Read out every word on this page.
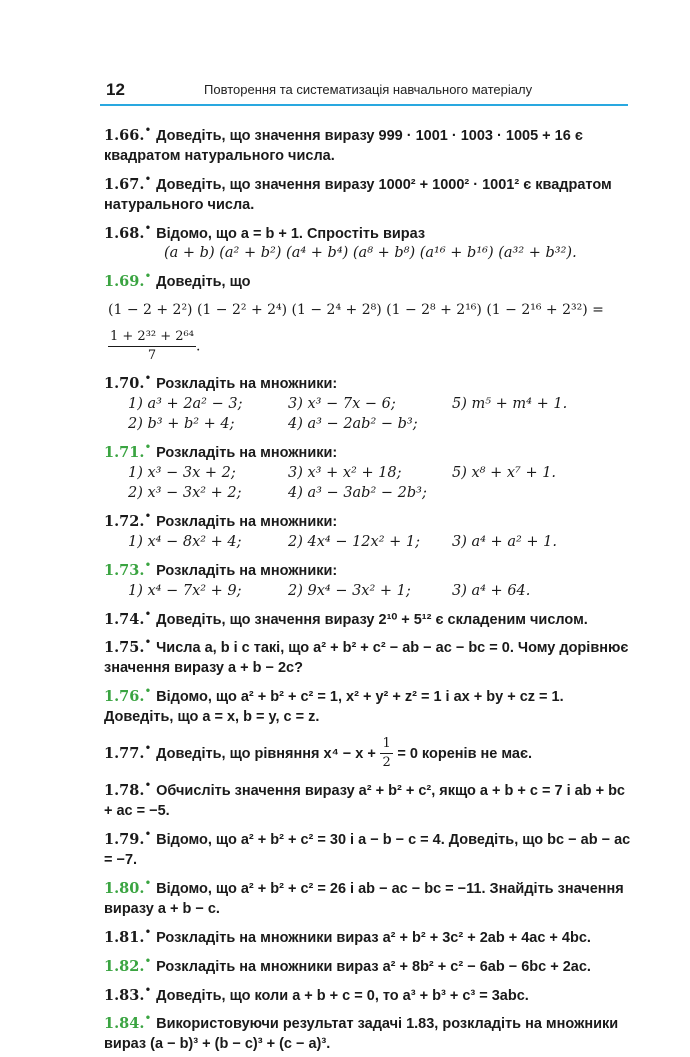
12	Повторення та систематизація навчального матеріалу
1.66.• Доведіть, що значення виразу 999 · 1001 · 1003 · 1005 + 16 є квадратом натурального числа.
1.67.• Доведіть, що значення виразу 1000² + 1000² · 1001² є квадратом натурального числа.
1.68.• Відомо, що a = b + 1. Спростіть вираз
(a + b) (a² + b²) (a⁴ + b⁴) (a⁸ + b⁸) (a¹⁶ + b¹⁶) (a³² + b³²).
1.69.• Доведіть, що
(1 − 2 + 2²) (1 − 2² + 2⁴) (1 − 2⁴ + 2⁸) (1 − 2⁸ + 2¹⁶) (1 − 2¹⁶ + 2³²) =
$\frac{\text{1 + 2³² + 2⁶⁴}}{7}$ .
1.70.• Розкладіть на множники:
1) a³ + 2a² − 3;	3) x³ − 7x − 6;	5) m⁵ + m⁴ + 1.
2) b³ + b² + 4;	4) a³ − 2ab² − b³;
1.71.• Розкладіть на множники:
1) x³ − 3x + 2;	3) x³ + x² + 18;	5) x⁸ + x⁷ + 1.
2) x³ − 3x² + 2;	4) a³ − 3ab² − 2b³;
1.72.• Розкладіть на множники:
1) x⁴ − 8x² + 4;	2) 4x⁴ − 12x² + 1;	3) a⁴ + a² + 1.
1.73.• Розкладіть на множники:
1) x⁴ − 7x² + 9;	2) 9x⁴ − 3x² + 1;	3) a⁴ + 64.
1.74.• Доведіть, що значення виразу 2¹⁰ + 5¹² є складеним числом.
1.75.• Числа a, b і c такі, що a² + b² + c² − ab − ac − bc = 0. Чому дорівнює значення виразу a + b − 2c?
1.76.• Відомо, що a² + b² + c² = 1, x² + y² + z² = 1 і ax + by + cz = 1. Доведіть, що a = x, b = y, c = z.
1.77.• Доведіть, що рівняння $x^4 - x + \frac{1}{2} = 0$ коренів не має.
1.78.• Обчисліть значення виразу a² + b² + c², якщо a + b + c = 7 і ab + bc + ac = −5.
1.79.• Відомо, що a² + b² + c² = 30 і a − b − c = 4. Доведіть, що bc − ab − ac = −7.
1.80.• Відомо, що a² + b² + c² = 26 і ab − ac − bc = −11. Знайдіть значення виразу a + b − c.
1.81.• Розкладіть на множники вираз a² + b² + 3c² + 2ab + 4ac + 4bc.
1.82.• Розкладіть на множники вираз a² + 8b² + c² − 6ab − 6bc + 2ac.
1.83.• Доведіть, що коли a + b + c = 0, то a³ + b³ + c³ = 3abc.
1.84.• Використовуючи результат задачі 1.83, розкладіть на множники вираз (a − b)³ + (b − c)³ + (c − a)³.
